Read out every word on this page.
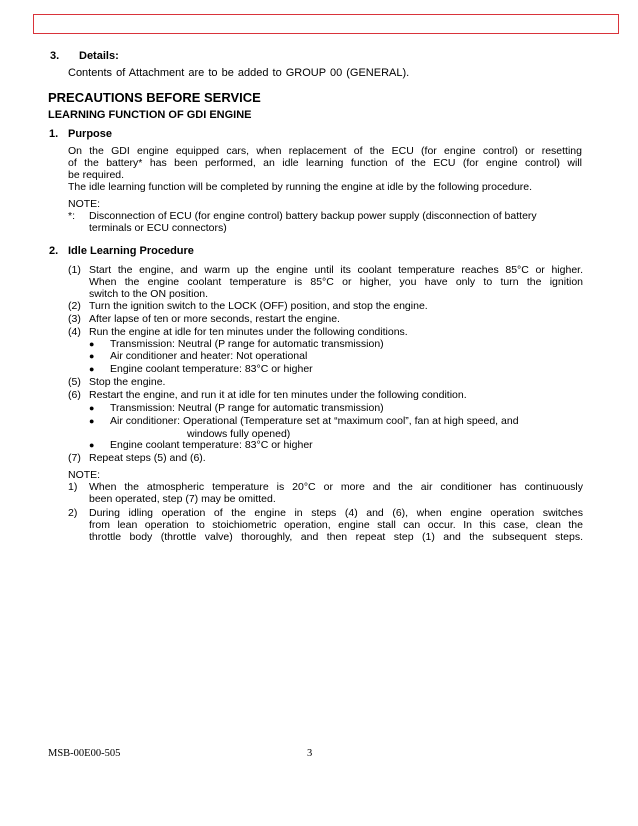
3. Details:
Contents of Attachment are to be added to GROUP 00 (GENERAL).
PRECAUTIONS BEFORE SERVICE
LEARNING FUNCTION OF GDI ENGINE
1. Purpose
On the GDI engine equipped cars, when replacement of the ECU (for engine control) or resetting
of the battery* has been performed, an idle learning function of the ECU (for engine control) will
be required.
The idle learning function will be completed by running the engine at idle by the following procedure.
NOTE:
*: Disconnection of ECU (for engine control) battery backup power supply (disconnection of battery
terminals or ECU connectors)
2. Idle Learning Procedure
(1) Start the engine, and warm up the engine until its coolant temperature reaches 85°C or higher.
When the engine coolant temperature is 85°C or higher, you have only to turn the ignition
switch to the ON position.
(2) Turn the ignition switch to the LOCK (OFF) position, and stop the engine.
(3) After lapse of ten or more seconds, restart the engine.
(4) Run the engine at idle for ten minutes under the following conditions.
● Transmission: Neutral (P range for automatic transmission)
● Air conditioner and heater: Not operational
● Engine coolant temperature: 83°C or higher
(5) Stop the engine.
(6) Restart the engine, and run it at idle for ten minutes under the following condition.
● Transmission: Neutral (P range for automatic transmission)
● Air conditioner: Operational (Temperature set at “maximum cool”, fan at high speed, and
windows fully opened)
● Engine coolant temperature: 83°C or higher
(7) Repeat steps (5) and (6).
NOTE:
1) When the atmospheric temperature is 20°C or more and the air conditioner has continuously
been operated, step (7) may be omitted.
2) During idling operation of the engine in steps (4) and (6), when engine operation switches
from lean operation to stoichiometric operation, engine stall can occur. In this case, clean the
throttle body (throttle valve) thoroughly, and then repeat step (1) and the subsequent steps.
MSB-00E00-505	3
